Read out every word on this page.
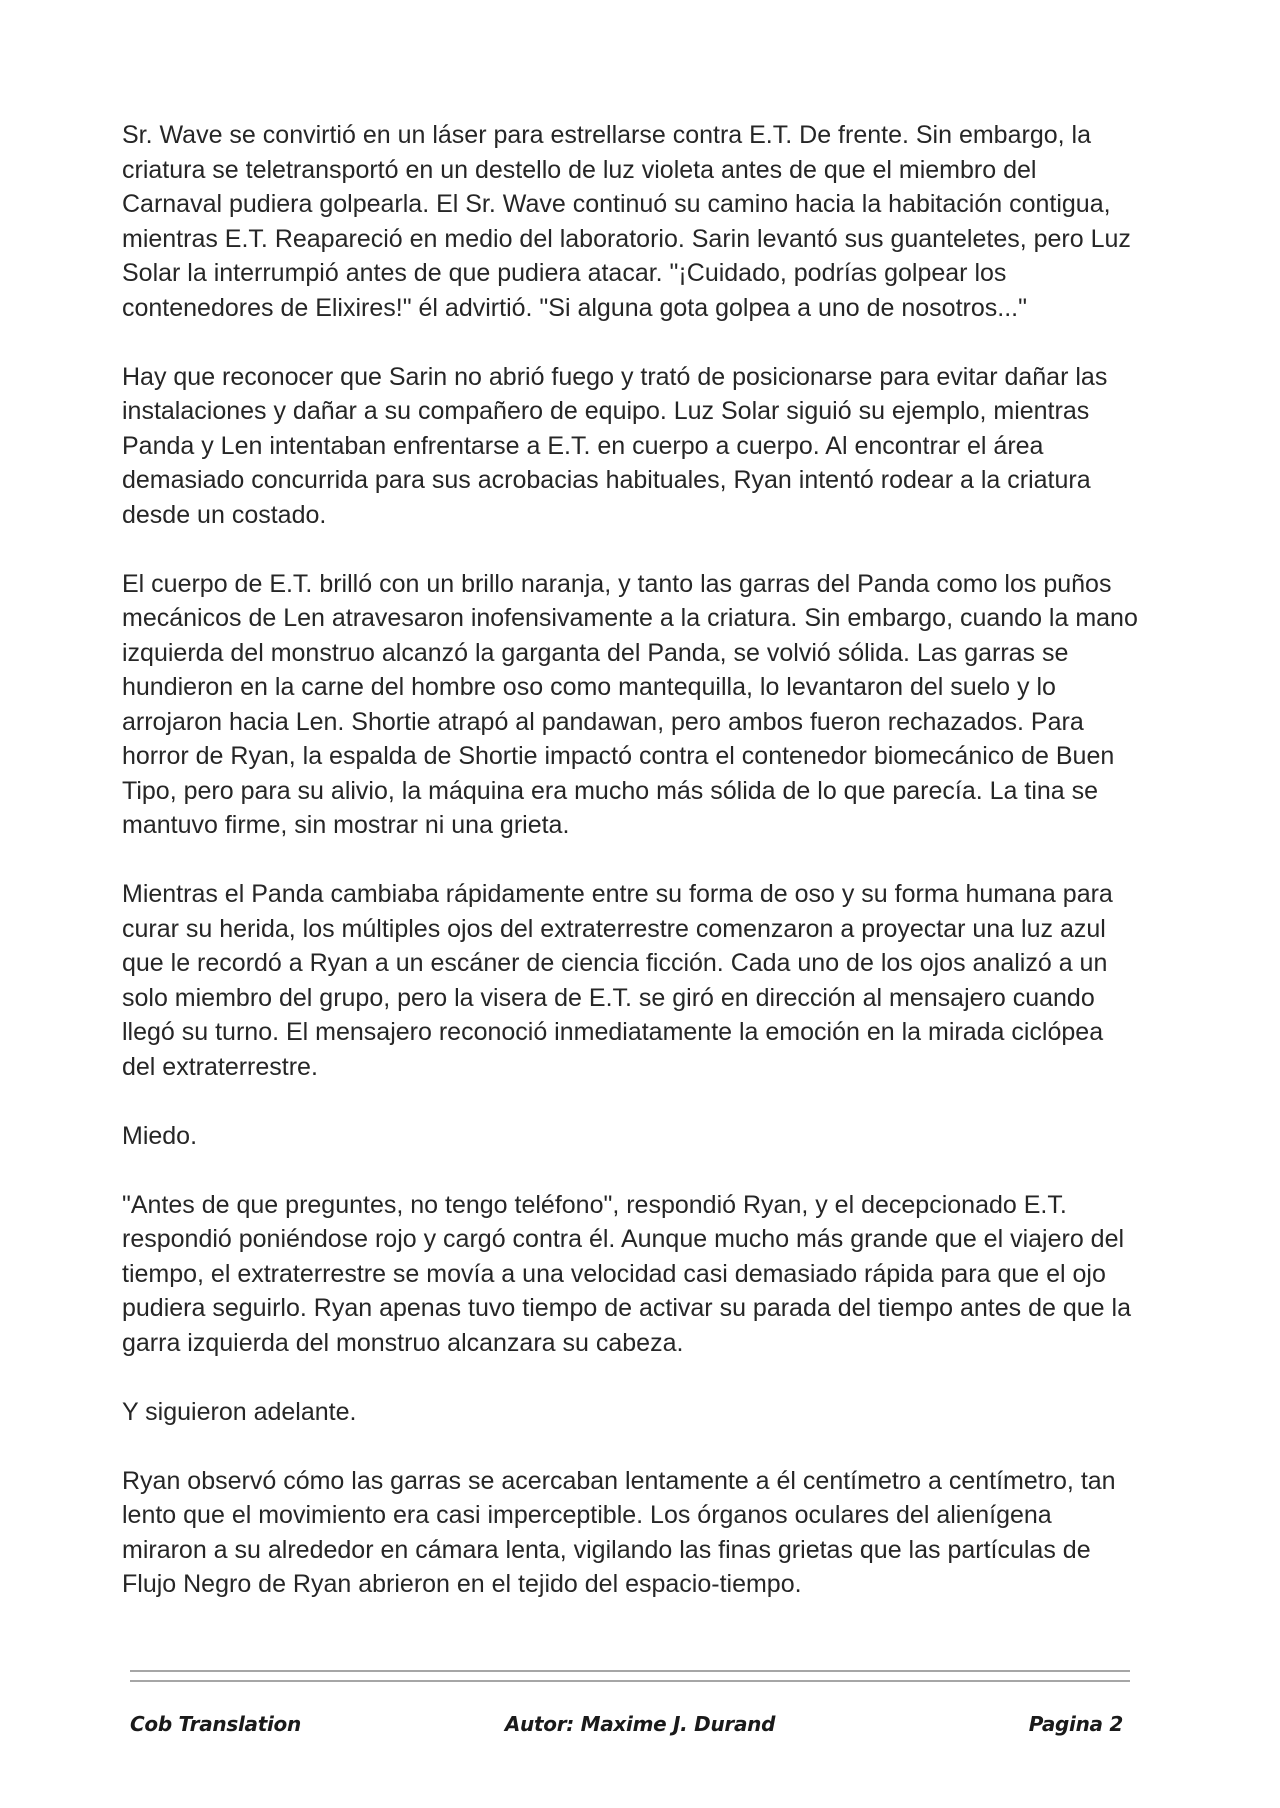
Sr. Wave se convirtió en un láser para estrellarse contra E.T. De frente. Sin embargo, la criatura se teletransportó en un destello de luz violeta antes de que el miembro del Carnaval pudiera golpearla. El Sr. Wave continuó su camino hacia la habitación contigua, mientras E.T. Reapareció en medio del laboratorio. Sarin levantó sus guanteletes, pero Luz Solar la interrumpió antes de que pudiera atacar. "¡Cuidado, podrías golpear los contenedores de Elixires!" él advirtió. "Si alguna gota golpea a uno de nosotros..."

Hay que reconocer que Sarin no abrió fuego y trató de posicionarse para evitar dañar las instalaciones y dañar a su compañero de equipo. Luz Solar siguió su ejemplo, mientras Panda y Len intentaban enfrentarse a E.T. en cuerpo a cuerpo. Al encontrar el área demasiado concurrida para sus acrobacias habituales, Ryan intentó rodear a la criatura desde un costado.

El cuerpo de E.T. brilló con un brillo naranja, y tanto las garras del Panda como los puños mecánicos de Len atravesaron inofensivamente a la criatura. Sin embargo, cuando la mano izquierda del monstruo alcanzó la garganta del Panda, se volvió sólida. Las garras se hundieron en la carne del hombre oso como mantequilla, lo levantaron del suelo y lo arrojaron hacia Len. Shortie atrapó al pandawan, pero ambos fueron rechazados. Para horror de Ryan, la espalda de Shortie impactó contra el contenedor biomecánico de Buen Tipo, pero para su alivio, la máquina era mucho más sólida de lo que parecía. La tina se mantuvo firme, sin mostrar ni una grieta.

Mientras el Panda cambiaba rápidamente entre su forma de oso y su forma humana para curar su herida, los múltiples ojos del extraterrestre comenzaron a proyectar una luz azul que le recordó a Ryan a un escáner de ciencia ficción. Cada uno de los ojos analizó a un solo miembro del grupo, pero la visera de E.T. se giró en dirección al mensajero cuando llegó su turno. El mensajero reconoció inmediatamente la emoción en la mirada ciclópea del extraterrestre.

Miedo.

"Antes de que preguntes, no tengo teléfono", respondió Ryan, y el decepcionado E.T. respondió poniéndose rojo y cargó contra él. Aunque mucho más grande que el viajero del tiempo, el extraterrestre se movía a una velocidad casi demasiado rápida para que el ojo pudiera seguirlo. Ryan apenas tuvo tiempo de activar su parada del tiempo antes de que la garra izquierda del monstruo alcanzara su cabeza.

Y siguieron adelante.

Ryan observó cómo las garras se acercaban lentamente a él centímetro a centímetro, tan lento que el movimiento era casi imperceptible. Los órganos oculares del alienígena miraron a su alrededor en cámara lenta, vigilando las finas grietas que las partículas de Flujo Negro de Ryan abrieron en el tejido del espacio-tiempo.

Cob Translation	Autor: Maxime J. Durand	Pagina 2
